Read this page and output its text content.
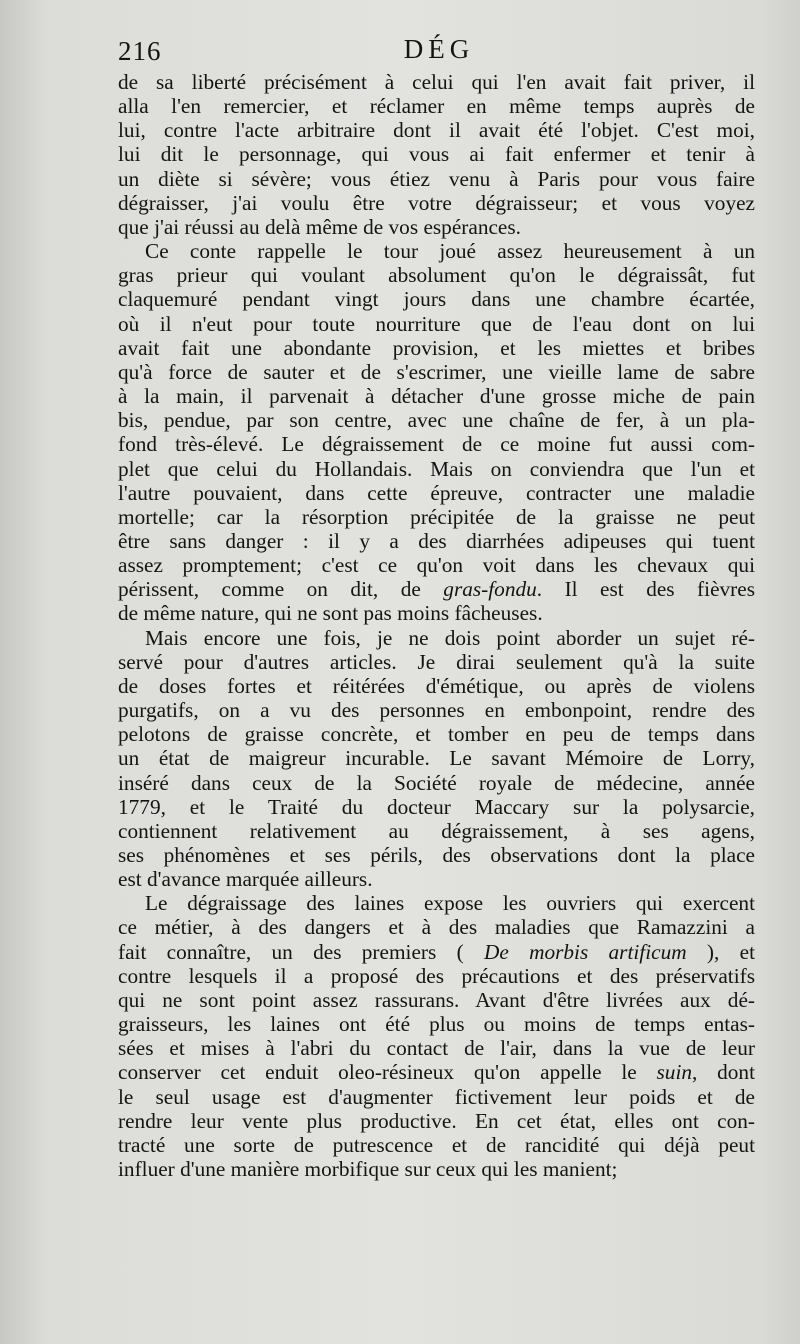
216	DÉG
de sa liberté précisément à celui qui l'en avait fait priver, il
alla l'en remercier, et réclamer en même temps auprès de
lui, contre l'acte arbitraire dont il avait été l'objet. C'est moi,
lui dit le personnage, qui vous ai fait enfermer et tenir à
un diète si sévère; vous étiez venu à Paris pour vous faire
dégraisser, j'ai voulu être votre dégraisseur; et vous voyez
que j'ai réussi au delà même de vos espérances.
Ce conte rappelle le tour joué assez heureusement à un
gras prieur qui voulant absolument qu'on le dégraissât, fut
claquemuré pendant vingt jours dans une chambre écartée,
où il n'eut pour toute nourriture que de l'eau dont on lui
avait fait une abondante provision, et les miettes et bribes
qu'à force de sauter et de s'escrimer, une vieille lame de sabre
à la main, il parvenait à détacher d'une grosse miche de pain
bis, pendue, par son centre, avec une chaîne de fer, à un pla-
fond très-élevé. Le dégraissement de ce moine fut aussi com-
plet que celui du Hollandais. Mais on conviendra que l'un et
l'autre pouvaient, dans cette épreuve, contracter une maladie
mortelle; car la résorption précipitée de la graisse ne peut
être sans danger : il y a des diarrhées adipeuses qui tuent
assez promptement; c'est ce qu'on voit dans les chevaux qui
périssent, comme on dit, de gras-fondu. Il est des fièvres
de même nature, qui ne sont pas moins fâcheuses.
Mais encore une fois, je ne dois point aborder un sujet ré-
servé pour d'autres articles. Je dirai seulement qu'à la suite
de doses fortes et réitérées d'émétique, ou après de violens
purgatifs, on a vu des personnes en embonpoint, rendre des
pelotons de graisse concrète, et tomber en peu de temps dans
un état de maigreur incurable. Le savant Mémoire de Lorry,
inséré dans ceux de la Société royale de médecine, année
1779, et le Traité du docteur Maccary sur la polysarcie,
contiennent relativement au dégraissement, à ses agens,
ses phénomènes et ses périls, des observations dont la place
est d'avance marquée ailleurs.
Le dégraissage des laines expose les ouvriers qui exercent
ce métier, à des dangers et à des maladies que Ramazzini a
fait connaître, un des premiers ( De morbis artificum ), et
contre lesquels il a proposé des précautions et des préservatifs
qui ne sont point assez rassurans. Avant d'être livrées aux dé-
graisseurs, les laines ont été plus ou moins de temps entas-
sées et mises à l'abri du contact de l'air, dans la vue de leur
conserver cet enduit oleo-résineux qu'on appelle le suin, dont
le seul usage est d'augmenter fictivement leur poids et de
rendre leur vente plus productive. En cet état, elles ont con-
tracté une sorte de putrescence et de rancidité qui déjà peut
influer d'une manière morbifique sur ceux qui les manient;
